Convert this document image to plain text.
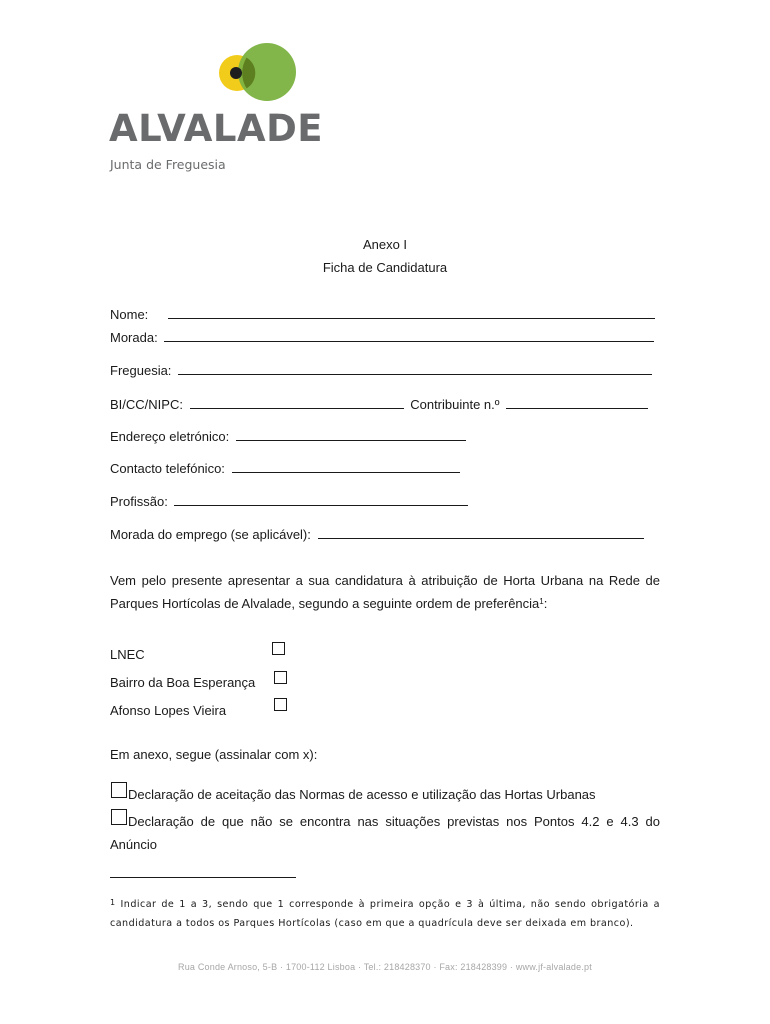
ALVALADE
Junta de Freguesia
Anexo I
Ficha de Candidatura
Nome:
Morada:
Freguesia:
BI/CC/NIPC:	Contribuinte n.º
Endereço eletrónico:
Contacto telefónico:
Profissão:
Morada do emprego (se aplicável):
Vem pelo presente apresentar a sua candidatura à atribuição de Horta Urbana na Rede de Parques Hortícolas de Alvalade, segundo a seguinte ordem de preferência$^1$:
LNEC
Bairro da Boa Esperança
Afonso Lopes Vieira
Em anexo, segue (assinalar com x):
Declaração de aceitação das Normas de acesso e utilização das Hortas Urbanas
Declaração de que não se encontra nas situações previstas nos Pontos 4.2 e 4.3 do Anúncio
$^1$ Indicar de 1 a 3, sendo que 1 corresponde à primeira opção e 3 à última, não sendo obrigatória a candidatura a todos os Parques Hortícolas (caso em que a quadrícula deve ser deixada em branco).
Rua Conde Arnoso, 5-B · 1700-112 Lisboa · Tel.: 218428370 · Fax: 218428399 · www.jf-alvalade.pt
